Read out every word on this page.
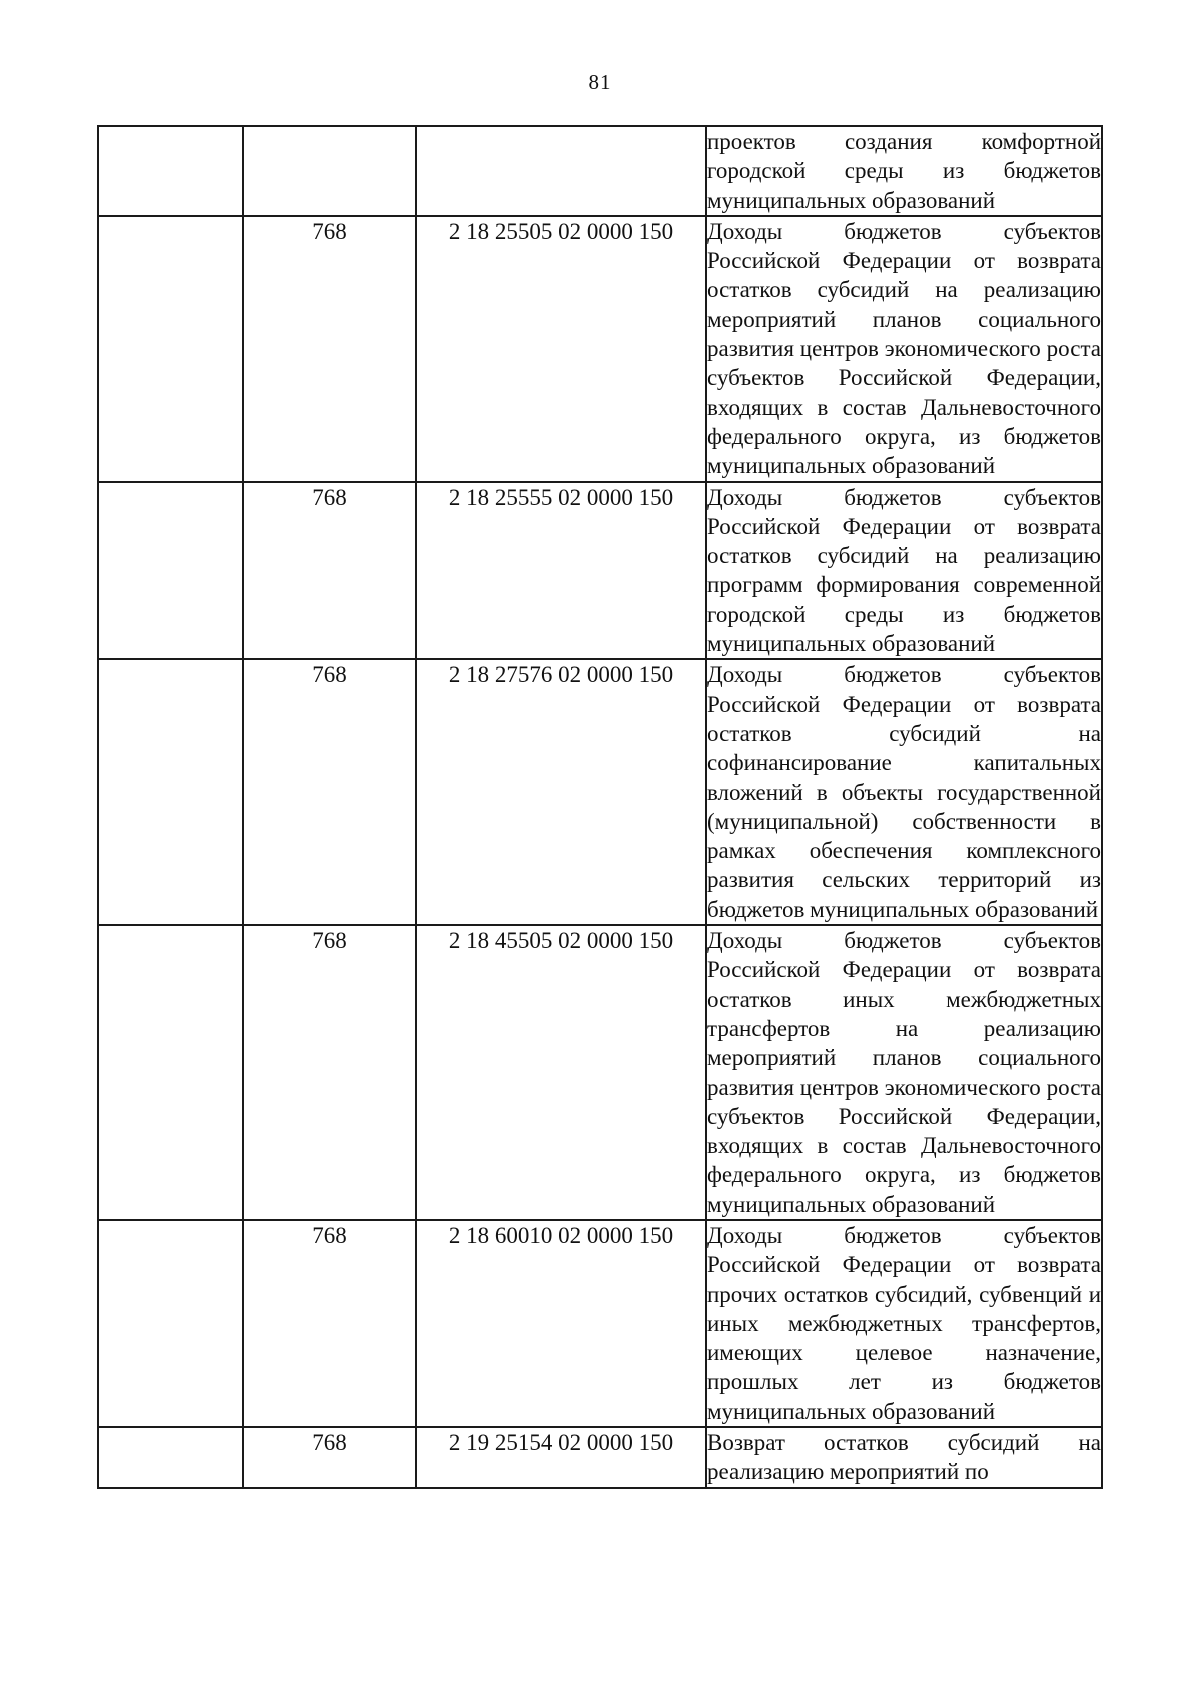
81
			проектов создания комфортной городской среды из бюджетов муниципальных образований
	768	2 18 25505 02 0000 150	Доходы бюджетов субъектов Российской Федерации от возврата остатков субсидий на реализацию мероприятий планов социального развития центров экономического роста субъектов Российской Федерации, входящих в состав Дальневосточного федерального округа, из бюджетов муниципальных образований
	768	2 18 25555 02 0000 150	Доходы бюджетов субъектов Российской Федерации от возврата остатков субсидий на реализацию программ формирования современной городской среды из бюджетов муниципальных образований
	768	2 18 27576 02 0000 150	Доходы бюджетов субъектов Российской Федерации от возврата остатков субсидий на софинансирование капитальных вложений в объекты государственной (муниципальной) собственности в рамках обеспечения комплексного развития сельских территорий из бюджетов муниципальных образований
	768	2 18 45505 02 0000 150	Доходы бюджетов субъектов Российской Федерации от возврата остатков иных межбюджетных трансфертов на реализацию мероприятий планов социального развития центров экономического роста субъектов Российской Федерации, входящих в состав Дальневосточного федерального округа, из бюджетов муниципальных образований
	768	2 18 60010 02 0000 150	Доходы бюджетов субъектов Российской Федерации от возврата прочих остатков субсидий, субвенций и иных межбюджетных трансфертов, имеющих целевое назначение, прошлых лет из бюджетов муниципальных образований
	768	2 19 25154 02 0000 150	Возврат остатков субсидий на реализацию мероприятий по
